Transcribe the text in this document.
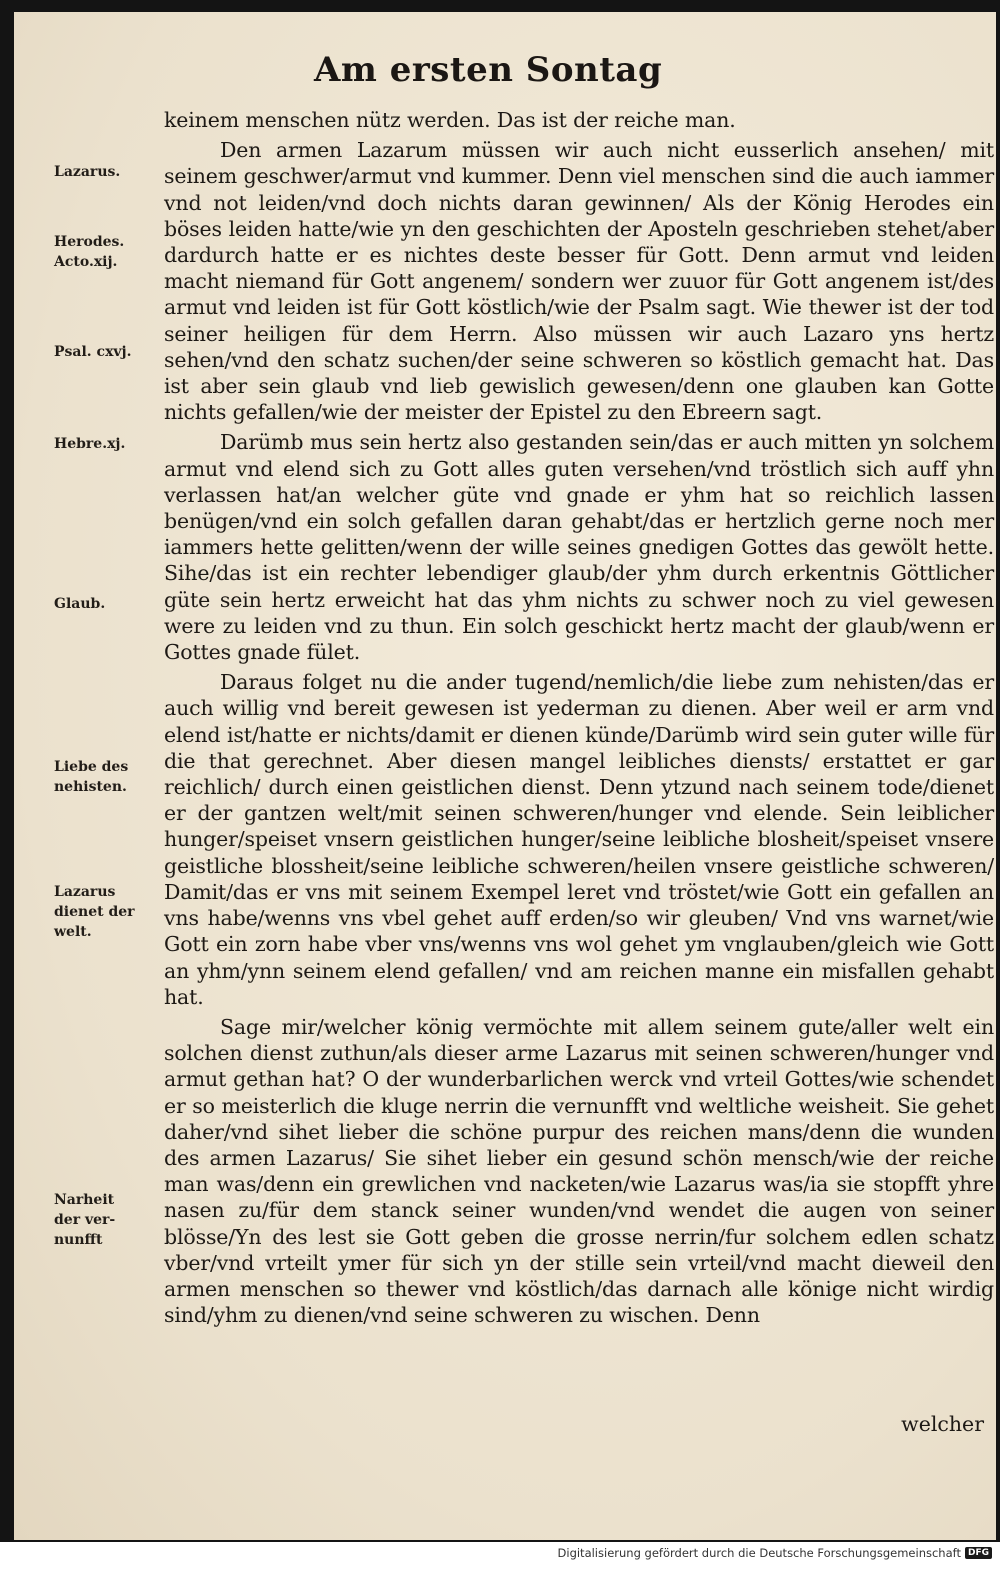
Am ersten Sontag
Lazarus.
Herodes.
Acto.xij.
Psal. cxvj.
Hebre.xj.
Glaub.
Liebe des
nehisten.
Lazarus
dienet der
welt.
Narheit
der ver-
nunfft

keinem menschen nütz werden. Das ist der reiche man.

Den armen Lazarum müssen wir auch nicht eusserlich ansehen/ mit seinem geschwer/armut vnd kummer. Denn viel menschen sind die auch iammer vnd not leiden/vnd doch nichts daran gewinnen/ Als der König Herodes ein böses leiden hatte/wie yn den geschichten der Aposteln geschrieben stehet/aber dardurch hatte er es nichtes deste besser für Gott. Denn armut vnd leiden macht niemand für Gott angenem/ sondern wer zuuor für Gott angenem ist/des armut vnd leiden ist für Gott köstlich/wie der Psalm sagt. Wie thewer ist der tod seiner heiligen für dem Herrn. Also müssen wir auch Lazaro yns hertz sehen/vnd den schatz suchen/der seine schweren so köstlich gemacht hat. Das ist aber sein glaub vnd lieb gewislich gewesen/denn one glauben kan Gotte nichts gefallen/wie der meister der Epistel zu den Ebreern sagt.

Darümb mus sein hertz also gestanden sein/das er auch mitten yn solchem armut vnd elend sich zu Gott alles guten versehen/vnd tröstlich sich auff yhn verlassen hat/an welcher güte vnd gnade er yhm hat so reichlich lassen benügen/vnd ein solch gefallen daran gehabt/das er hertzlich gerne noch mer iammers hette gelitten/wenn der wille seines gnedigen Gottes das gewölt hette. Sihe/das ist ein rechter lebendiger glaub/der yhm durch erkentnis Göttlicher güte sein hertz erweicht hat das yhm nichts zu schwer noch zu viel gewesen were zu leiden vnd zu thun. Ein solch geschickt hertz macht der glaub/wenn er Gottes gnade fület.

Daraus folget nu die ander tugend/nemlich/die liebe zum nehisten/das er auch willig vnd bereit gewesen ist yederman zu dienen. Aber weil er arm vnd elend ist/hatte er nichts/damit er dienen künde/Darümb wird sein guter wille für die that gerechnet. Aber diesen mangel leibliches diensts/ erstattet er gar reichlich/ durch einen geistlichen dienst. Denn ytzund nach seinem tode/dienet er der gantzen welt/mit seinen schweren/hunger vnd elende. Sein leiblicher hunger/speiset vnsern geistlichen hunger/seine leibliche blosheit/speiset vnsere geistliche blossheit/seine leibliche schweren/heilen vnsere geistliche schweren/ Damit/das er vns mit seinem Exempel leret vnd tröstet/wie Gott ein gefallen an vns habe/wenns vns vbel gehet auff erden/so wir gleuben/ Vnd vns warnet/wie Gott ein zorn habe vber vns/wenns vns wol gehet ym vnglauben/gleich wie Gott an yhm/ynn seinem elend gefallen/ vnd am reichen manne ein misfallen gehabt hat.

Sage mir/welcher könig vermöchte mit allem seinem gute/aller welt ein solchen dienst zuthun/als dieser arme Lazarus mit seinen schweren/hunger vnd armut gethan hat? O der wunderbarlichen werck vnd vrteil Gottes/wie schendet er so meisterlich die kluge nerrin die vernunfft vnd weltliche weisheit. Sie gehet daher/vnd sihet lieber die schöne purpur des reichen mans/denn die wunden des armen Lazarus/ Sie sihet lieber ein gesund schön mensch/wie der reiche man was/denn ein grewlichen vnd nacketen/wie Lazarus was/ia sie stopfft yhre nasen zu/für dem stanck seiner wunden/vnd wendet die augen von seiner blösse/Yn des lest sie Gott geben die grosse nerrin/fur solchem edlen schatz vber/vnd vrteilt ymer für sich yn der stille sein vrteil/vnd macht dieweil den armen menschen so thewer vnd köstlich/das darnach alle könige nicht wirdig sind/yhm zu dienen/vnd seine schweren zu wischen. Denn

welcher
Digitalisierung gefördert durch die Deutsche Forschungsgemeinschaft DFG
